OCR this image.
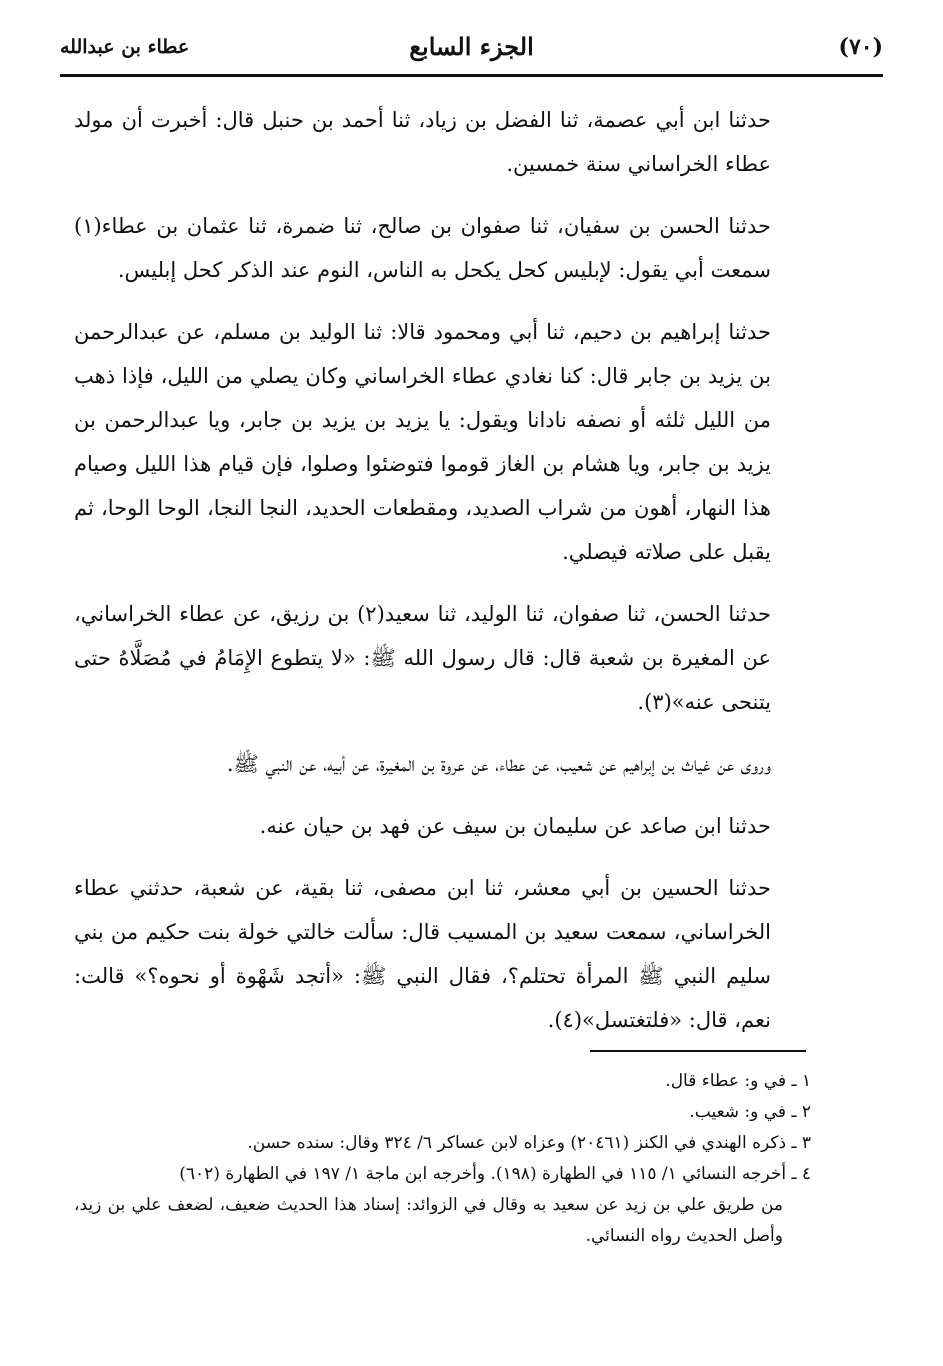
(٧٠)
الجزء السابع
عطاء بن عبدالله

حدثنا ابن أبي عصمة، ثنا الفضل بن زياد، ثنا أحمد بن حنبل قال: أخبرت أن مولد عطاء الخراساني سنة خمسين.

حدثنا الحسن بن سفيان، ثنا صفوان بن صالح، ثنا ضمرة، ثنا عثمان بن عطاء(١) سمعت أبي يقول: لإبليس كحل يكحل به الناس، النوم عند الذكر كحل إبليس.

حدثنا إبراهيم بن دحيم، ثنا أبي ومحمود قالا: ثنا الوليد بن مسلم، عن عبدالرحمن بن يزيد بن جابر قال: كنا نغادي عطاء الخراساني وكان يصلي من الليل، فإذا ذهب من الليل ثلثه أو نصفه نادانا ويقول: يا يزيد بن يزيد بن جابر، ويا عبدالرحمن بن يزيد بن جابر، ويا هشام بن الغاز قوموا فتوضئوا وصلوا، فإن قيام هذا الليل وصيام هذا النهار، أهون من شراب الصديد، ومقطعات الحديد، النجا النجا، الوحا الوحا، ثم يقبل على صلاته فيصلي.

حدثنا الحسن، ثنا صفوان، ثنا الوليد، ثنا سعيد(٢) بن رزيق، عن عطاء الخراساني، عن المغيرة بن شعبة قال: قال رسول الله ﷺ: «لا يتطوع الإِمَامُ في مُصَلَّاهُ حتى يتنحى عنه»(٣).

وروى عن غياث بن إبراهيم عن شعيب، عن عطاء، عن عروة بن المغيرة، عن أبيه، عن النبي ﷺ.

حدثنا ابن صاعد عن سليمان بن سيف عن فهد بن حيان عنه.

حدثنا الحسين بن أبي معشر، ثنا ابن مصفى، ثنا بقية، عن شعبة، حدثني عطاء الخراساني، سمعت سعيد بن المسيب قال: سألت خالتي خولة بنت حكيم من بني سليم النبي ﷺ المرأة تحتلم؟، فقال النبي ﷺ: «أتجد شَهْوة أو نحوه؟» قالت: نعم، قال: «فلتغتسل»(٤).

١ ـ في و: عطاء قال.
٢ ـ في و: شعيب.
٣ ـ ذكره الهندي في الكنز (٢٠٤٦١) وعزاه لابن عساكر ٦/ ٣٢٤ وقال: سنده حسن.
٤ ـ أخرجه النسائي ١/ ١١٥ في الطهارة (١٩٨). وأخرجه ابن ماجة ١/ ١٩٧ في الطهارة (٦٠٢)
من طريق علي بن زيد عن سعيد به وقال في الزوائد: إسناد هذا الحديث ضعيف، لضعف علي بن زيد، وأصل الحديث رواه النسائي.
